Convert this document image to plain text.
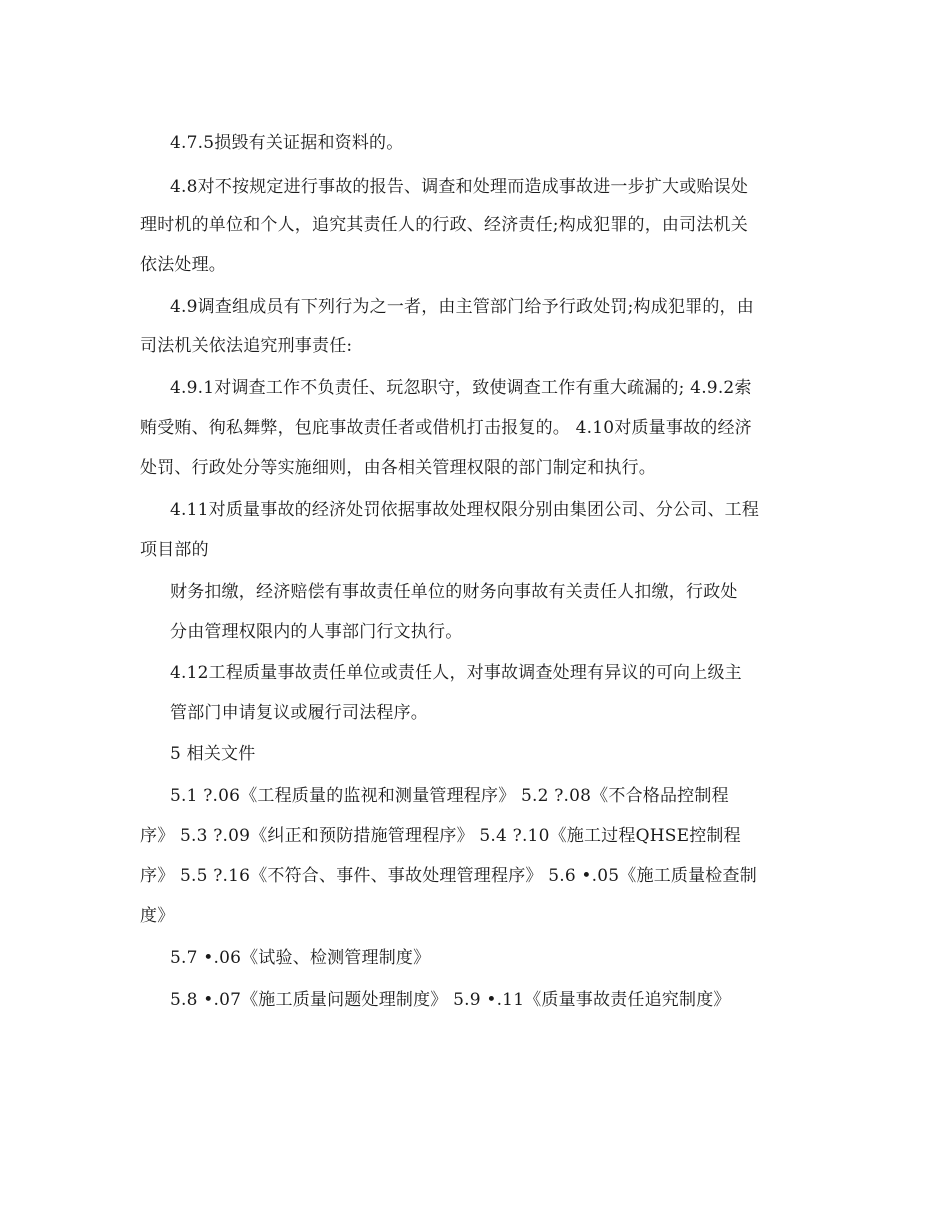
4.7.5损毁有关证据和资料的。
4.8对不按规定进行事故的报告、调查和处理而造成事故进一步扩大或贻误处
理时机的单位和个人，追究其责任人的行政、经济责任;构成犯罪的，由司法机关
依法处理。
4.9调查组成员有下列行为之一者，由主管部门给予行政处罚;构成犯罪的，由
司法机关依法追究刑事责任:
4.9.1对调查工作不负责任、玩忽职守，致使调查工作有重大疏漏的; 4.9.2索
贿受贿、徇私舞弊，包庇事故责任者或借机打击报复的。 4.10对质量事故的经济
处罚、行政处分等实施细则，由各相关管理权限的部门制定和执行。
4.11对质量事故的经济处罚依据事故处理权限分别由集团公司、分公司、工程
项目部的
财务扣缴，经济赔偿有事故责任单位的财务向事故有关责任人扣缴，行政处
分由管理权限内的人事部门行文执行。
4.12工程质量事故责任单位或责任人，对事故调查处理有异议的可向上级主
管部门申请复议或履行司法程序。
5 相关文件
5.1 ?.06《工程质量的监视和测量管理程序》 5.2 ?.08《不合格品控制程
序》 5.3 ?.09《纠正和预防措施管理程序》 5.4 ?.10《施工过程QHSE控制程
序》 5.5 ?.16《不符合、事件、事故处理管理程序》 5.6 •.05《施工质量检查制
度》
5.7 •.06《试验、检测管理制度》
5.8 •.07《施工质量问题处理制度》 5.9 •.11《质量事故责任追究制度》
